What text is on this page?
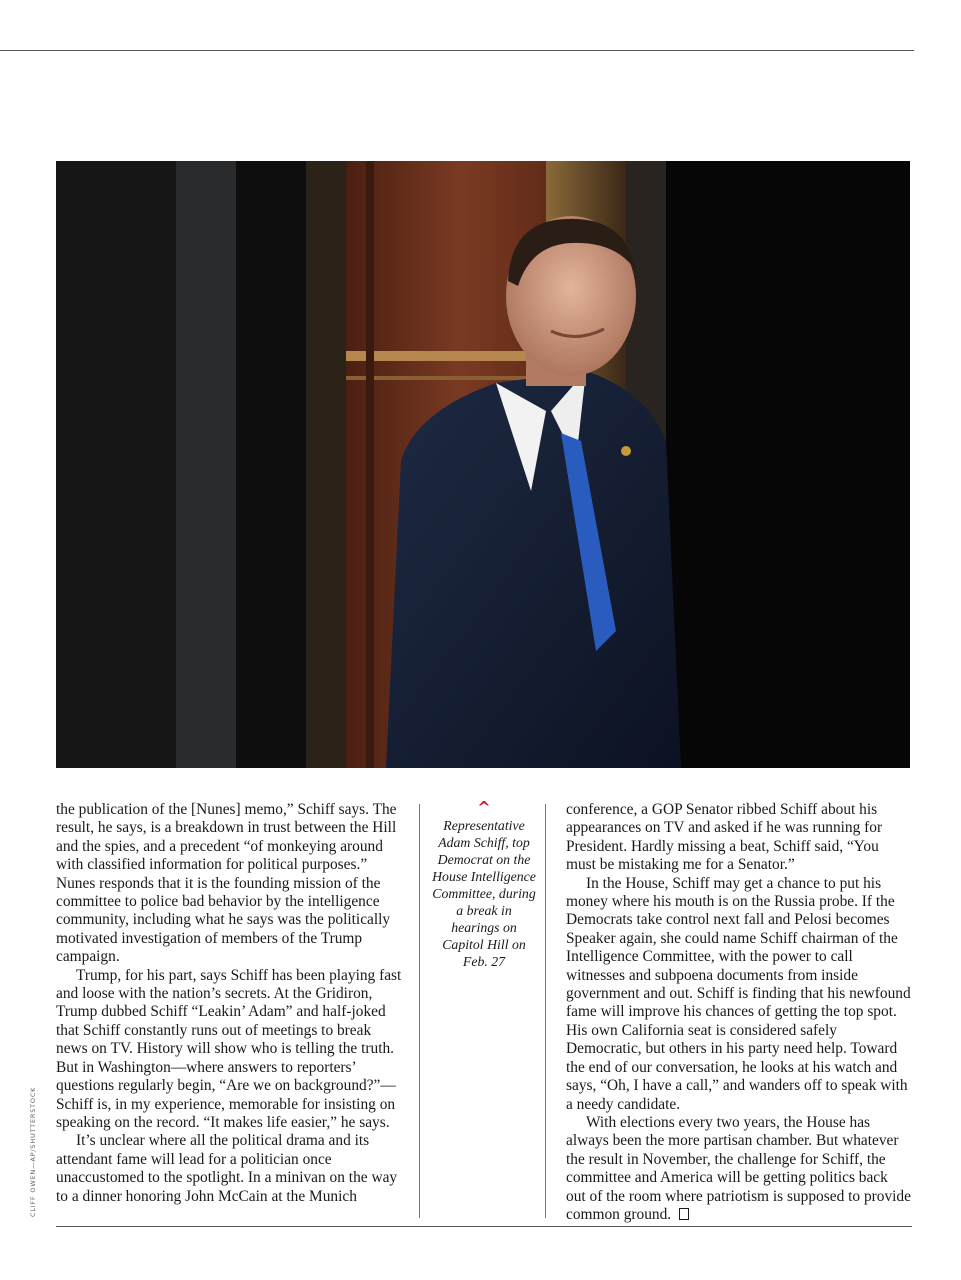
the publication of the [Nunes] memo,” Schiff says. The result, he says, is a breakdown in trust between the Hill and the spies, and a precedent “of monkeying around with classified information for political purposes.” Nunes responds that it is the founding mission of the committee to police bad behavior by the intelligence community, including what he says was the politically motivated investigation of members of the Trump campaign.

Trump, for his part, says Schiff has been playing fast and loose with the nation’s secrets. At the Gridiron, Trump dubbed Schiff “Leakin’ Adam” and half-joked that Schiff constantly runs out of meetings to break news on TV. History will show who is telling the truth. But in Washington—where answers to reporters’ questions regularly begin, “Are we on background?”—Schiff is, in my experience, memorable for insisting on speaking on the record. “It makes life easier,” he says.

It’s unclear where all the political drama and its attendant fame will lead for a politician once unaccustomed to the spotlight. In a minivan on the way to a dinner honoring John McCain at the Munich

^
Representative Adam Schiff, top Democrat on the House Intelligence Committee, during a break in hearings on Capitol Hill on Feb. 27

conference, a GOP Senator ribbed Schiff about his appearances on TV and asked if he was running for President. Hardly missing a beat, Schiff said, “You must be mistaking me for a Senator.”

In the House, Schiff may get a chance to put his money where his mouth is on the Russia probe. If the Democrats take control next fall and Pelosi becomes Speaker again, she could name Schiff chairman of the Intelligence Committee, with the power to call witnesses and subpoena documents from inside government and out. Schiff is finding that his newfound fame will improve his chances of getting the top spot. His own California seat is considered safely Democratic, but others in his party need help. Toward the end of our conversation, he looks at his watch and says, “Oh, I have a call,” and wanders off to speak with a needy candidate.

With elections every two years, the House has always been the more partisan chamber. But whatever the result in November, the challenge for Schiff, the committee and America will be getting politics back out of the room where patriotism is supposed to provide common ground.

CLIFF OWEN—AP/SHUTTERSTOCK
